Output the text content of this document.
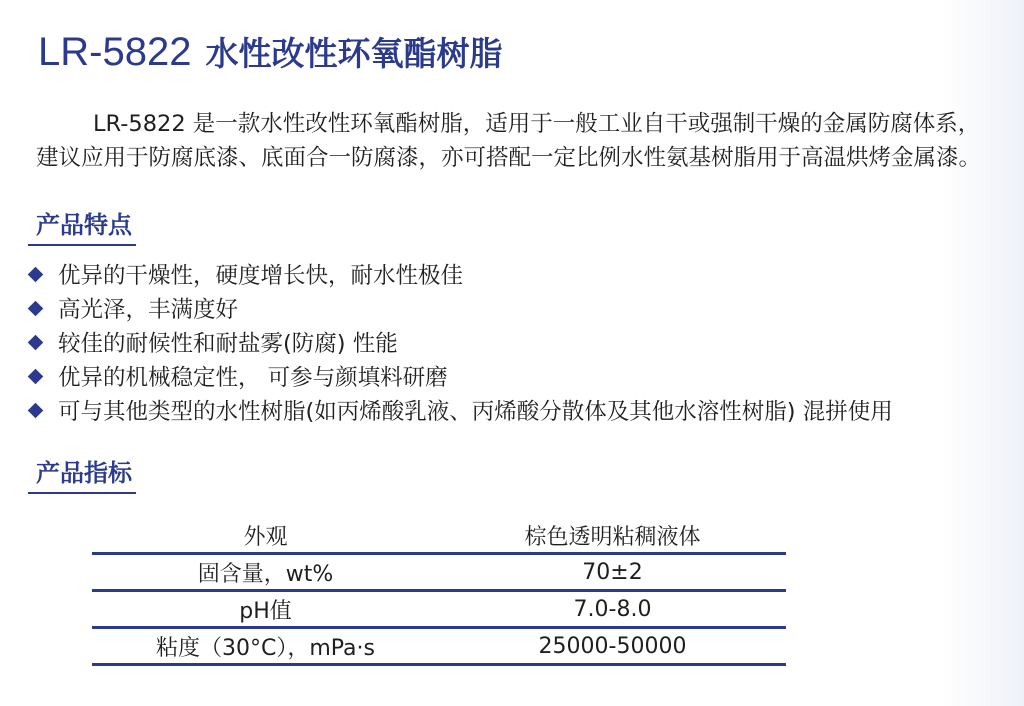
LR-5822 水性改性环氧酯树脂

LR-5822 是一款水性改性环氧酯树脂，适用于一般工业自干或强制干燥的金属防腐体系，建议应用于防腐底漆、底面合一防腐漆，亦可搭配一定比例水性氨基树脂用于高温烘烤金属漆。

产品特点
优异的干燥性，硬度增长快，耐水性极佳
高光泽，丰满度好
较佳的耐候性和耐盐雾(防腐) 性能
优异的机械稳定性， 可参与颜填料研磨
可与其他类型的水性树脂(如丙烯酸乳液、丙烯酸分散体及其他水溶性树脂) 混拼使用
产品指标
外观	棕色透明粘稠液体
固含量，wt%	70±2
pH值	7.0-8.0
粘度（30°C），mPa·s	25000-50000
